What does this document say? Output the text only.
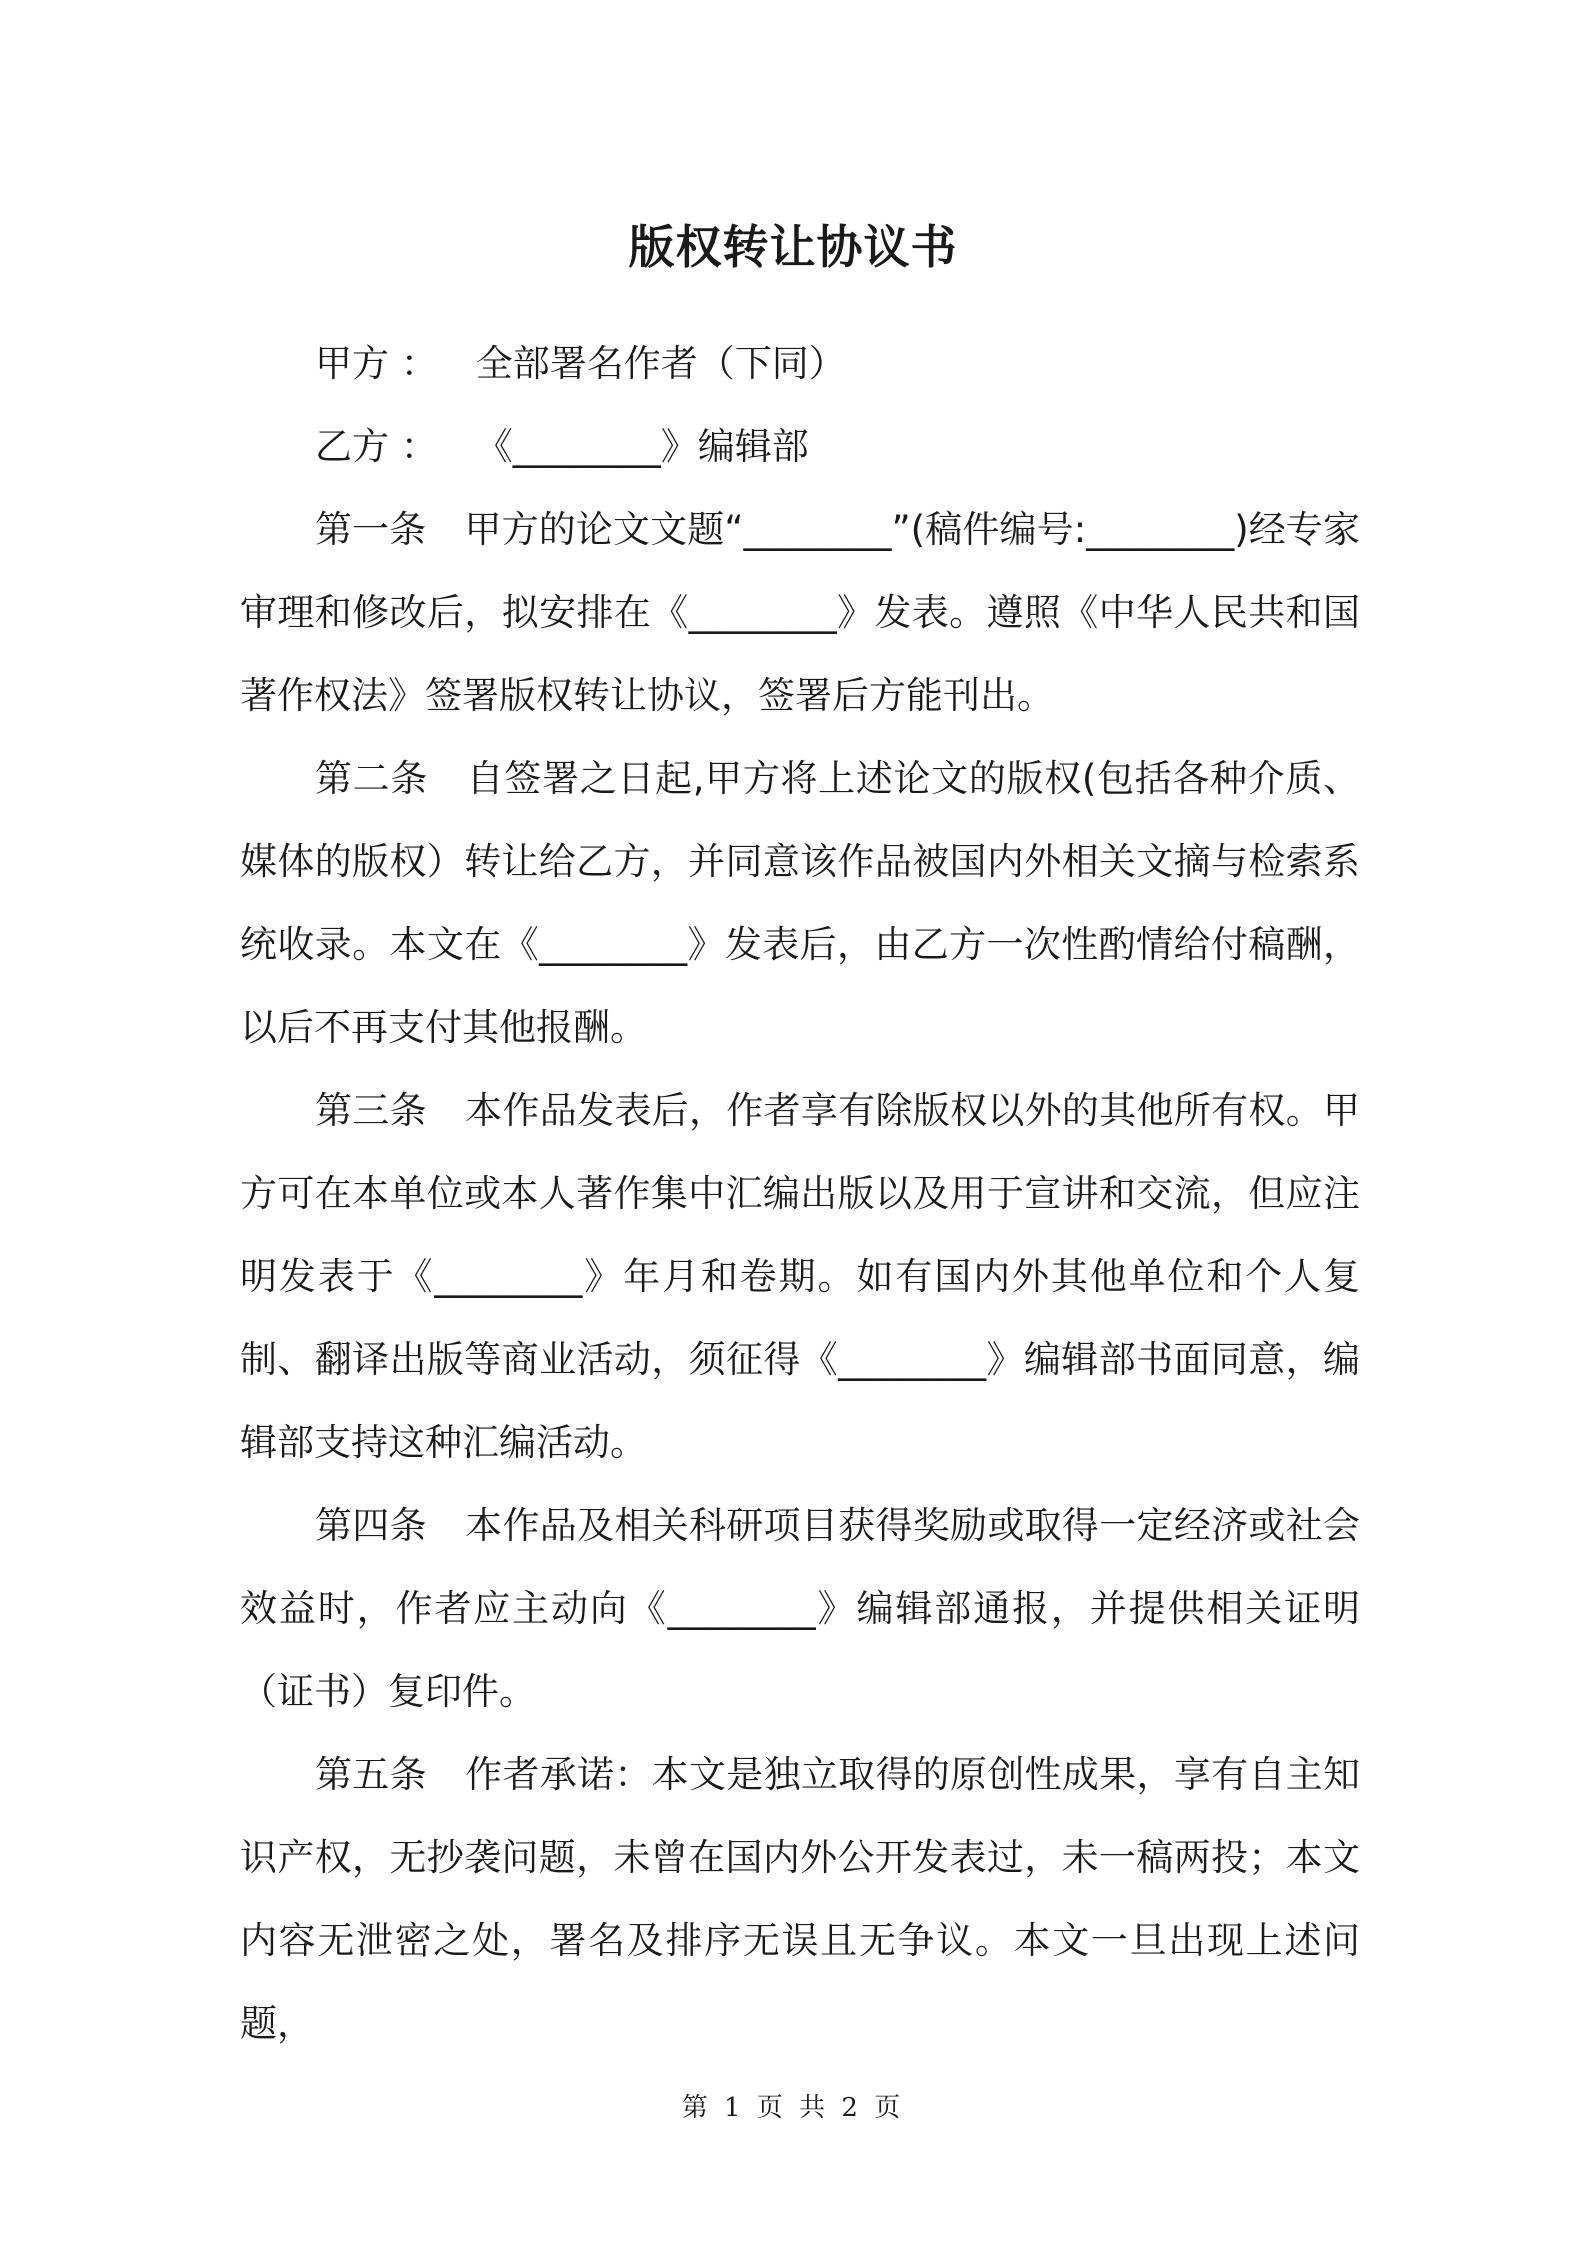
版权转让协议书

甲方 ： 全部署名作者（下同）

乙方 ： 《________》编辑部

第一条 甲方的论文文题“________”(稿件编号:________)经专家审理和修改后，拟安排在《________》发表。遵照《中华人民共和国著作权法》签署版权转让协议，签署后方能刊出。

第二条 自签署之日起,甲方将上述论文的版权(包括各种介质、媒体的版权）转让给乙方，并同意该作品被国内外相关文摘与检索系统收录。本文在《________》发表后，由乙方一次性酌情给付稿酬，以后不再支付其他报酬。

第三条 本作品发表后，作者享有除版权以外的其他所有权。甲方可在本单位或本人著作集中汇编出版以及用于宣讲和交流，但应注明发表于《________》年月和卷期。如有国内外其他单位和个人复制、翻译出版等商业活动，须征得《________》编辑部书面同意，编辑部支持这种汇编活动。

第四条 本作品及相关科研项目获得奖励或取得一定经济或社会效益时，作者应主动向《________》编辑部通报，并提供相关证明（证书）复印件。

第五条 作者承诺：本文是独立取得的原创性成果，享有自主知识产权，无抄袭问题，未曾在国内外公开发表过，未一稿两投；本文内容无泄密之处，署名及排序无误且无争议。本文一旦出现上述问题，

第 1 页 共 2 页
